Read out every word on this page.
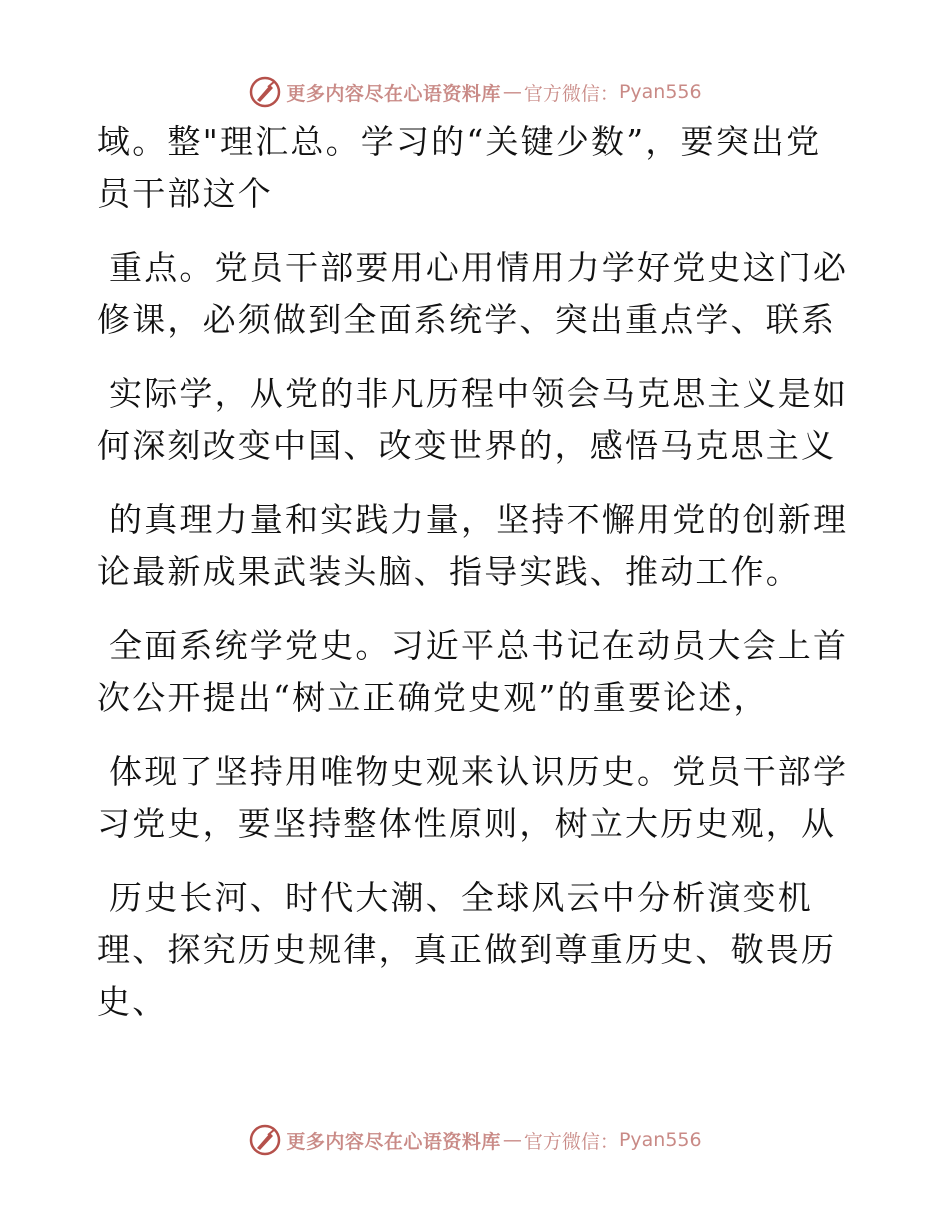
更多内容尽在心语资料库 — 官方微信： Pyan556
域。整"理汇总。学习的“关键少数”，要突出党
员干部这个
重点。党员干部要用心用情用力学好党史这门必
修课，必须做到全面系统学、突出重点学、联系
实际学，从党的非凡历程中领会马克思主义是如
何深刻改变中国、改变世界的，感悟马克思主义
的真理力量和实践力量，坚持不懈用党的创新理
论最新成果武装头脑、指导实践、推动工作。
全面系统学党史。习近平总书记在动员大会上首
次公开提出“树立正确党史观”的重要论述，
体现了坚持用唯物史观来认识历史。党员干部学
习党史，要坚持整体性原则，树立大历史观，从
历史长河、时代大潮、全球风云中分析演变机
理、探究历史规律，真正做到尊重历史、敬畏历
史、
更多内容尽在心语资料库 — 官方微信： Pyan556
